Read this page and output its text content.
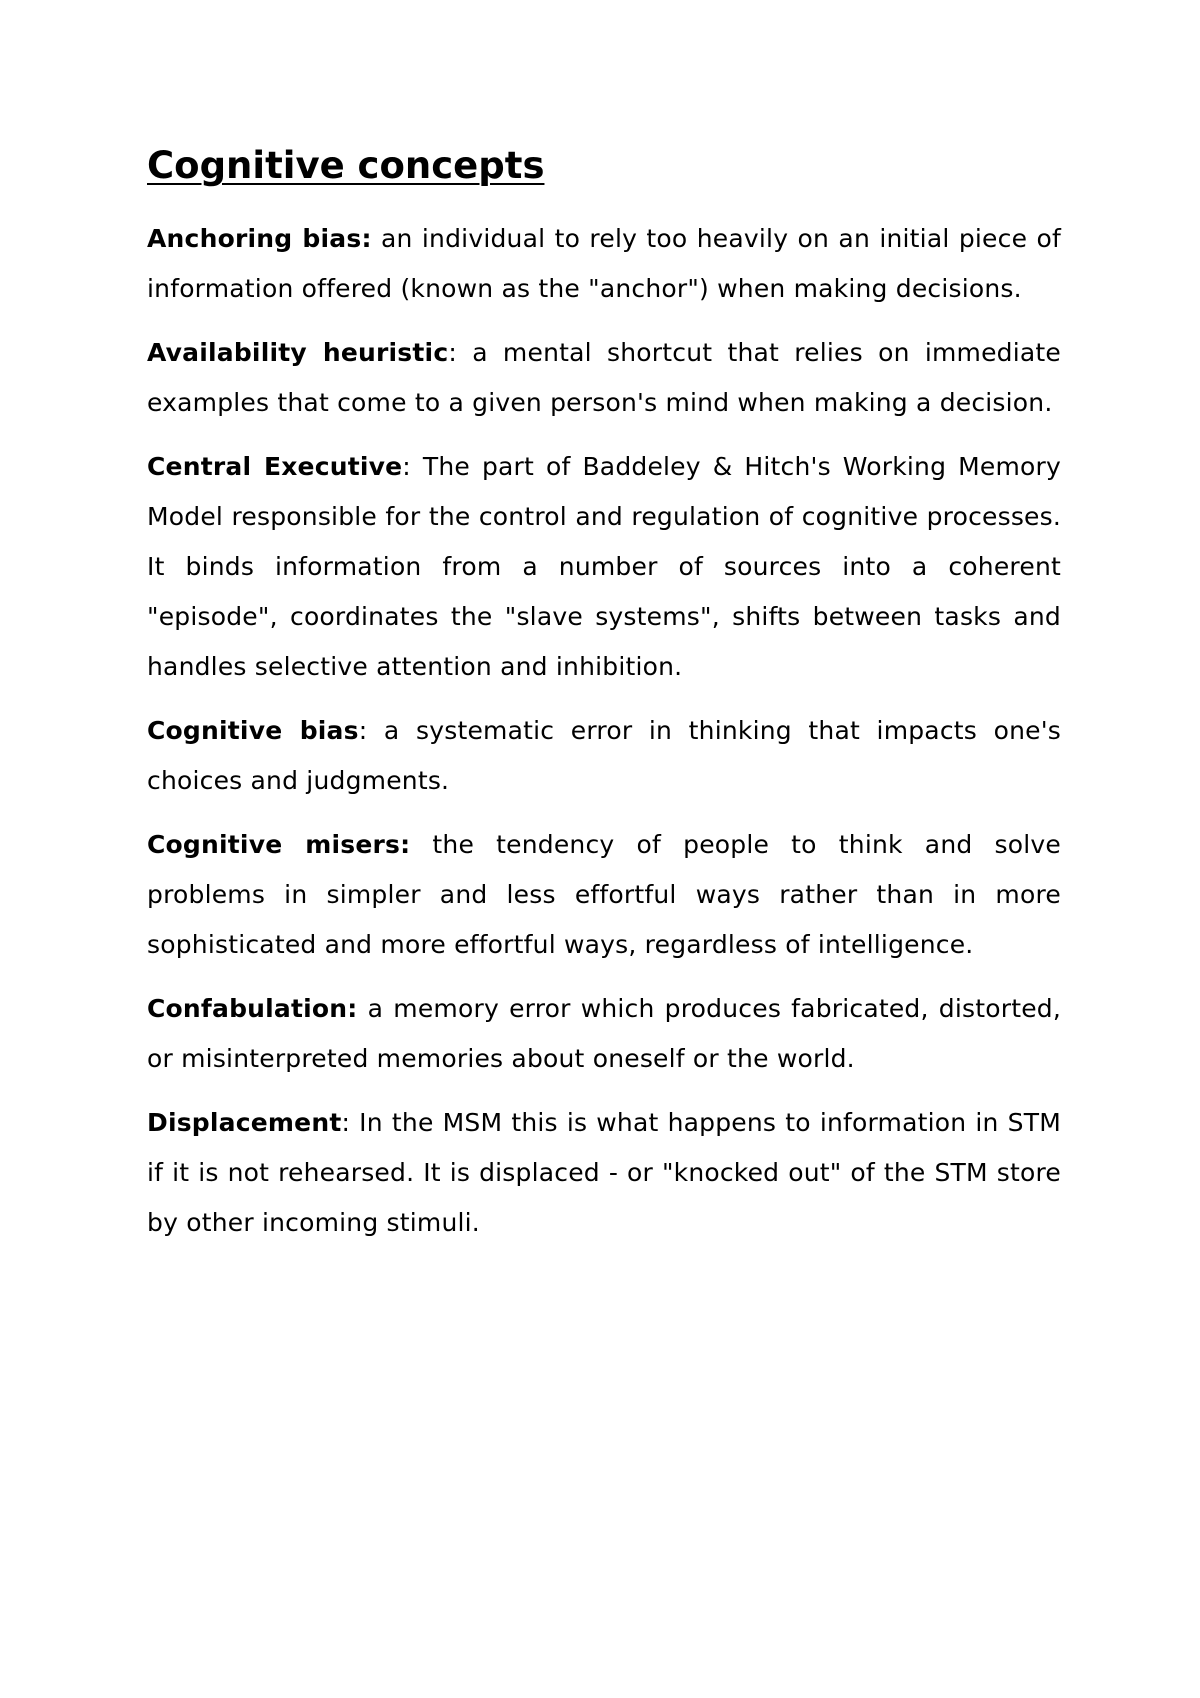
Cognitive concepts

Anchoring bias: an individual to rely too heavily on an initial piece of information offered (known as the "anchor") when making decisions.

Availability heuristic: a mental shortcut that relies on immediate examples that come to a given person's mind when making a decision.

Central Executive: The part of Baddeley & Hitch's Working Memory Model responsible for the control and regulation of cognitive processes. It binds information from a number of sources into a coherent "episode", coordinates the "slave systems", shifts between tasks and handles selective attention and inhibition.

Cognitive bias: a systematic error in thinking that impacts one's choices and judgments.

Cognitive misers: the tendency of people to think and solve problems in simpler and less effortful ways rather than in more sophisticated and more effortful ways, regardless of intelligence.

Confabulation: a memory error which produces fabricated, distorted, or misinterpreted memories about oneself or the world.

Displacement: In the MSM this is what happens to information in STM if it is not rehearsed. It is displaced - or "knocked out" of the STM store by other incoming stimuli.
